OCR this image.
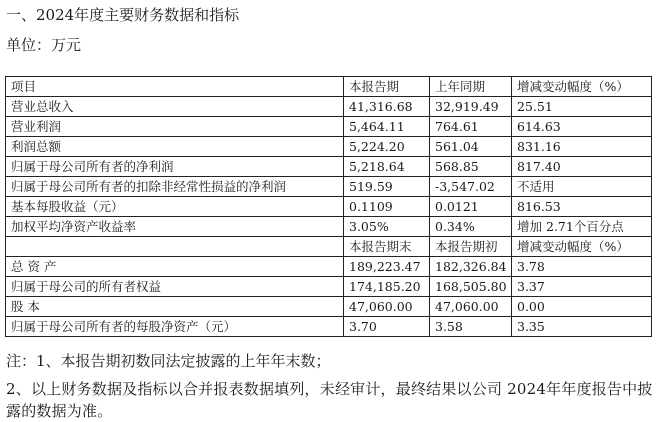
一、2024年度主要财务数据和指标
单位：万元
项目	本报告期	上年同期	增减变动幅度（%）
营业总收入	41,316.68	32,919.49	25.51
营业利润	5,464.11	764.61	614.63
利润总额	5,224.20	561.04	831.16
归属于母公司所有者的净利润	5,218.64	568.85	817.40
归属于母公司所有者的扣除非经常性损益的净利润	519.59	-3,547.02	不适用
基本每股收益（元）	0.1109	0.0121	816.53
加权平均净资产收益率	3.05%	0.34%	增加 2.71个百分点
	本报告期末	本报告期初	增减变动幅度（%）
总 资 产	189,223.47	182,326.84	3.78
归属于母公司的所有者权益	174,185.20	168,505.80	3.37
股 本	47,060.00	47,060.00	0.00
归属于母公司所有者的每股净资产（元）	3.70	3.58	3.35
注：1、本报告期初数同法定披露的上年年末数；
2、以上财务数据及指标以合并报表数据填列，未经审计，最终结果以公司 2024年年度报告中披露的数据为准。
